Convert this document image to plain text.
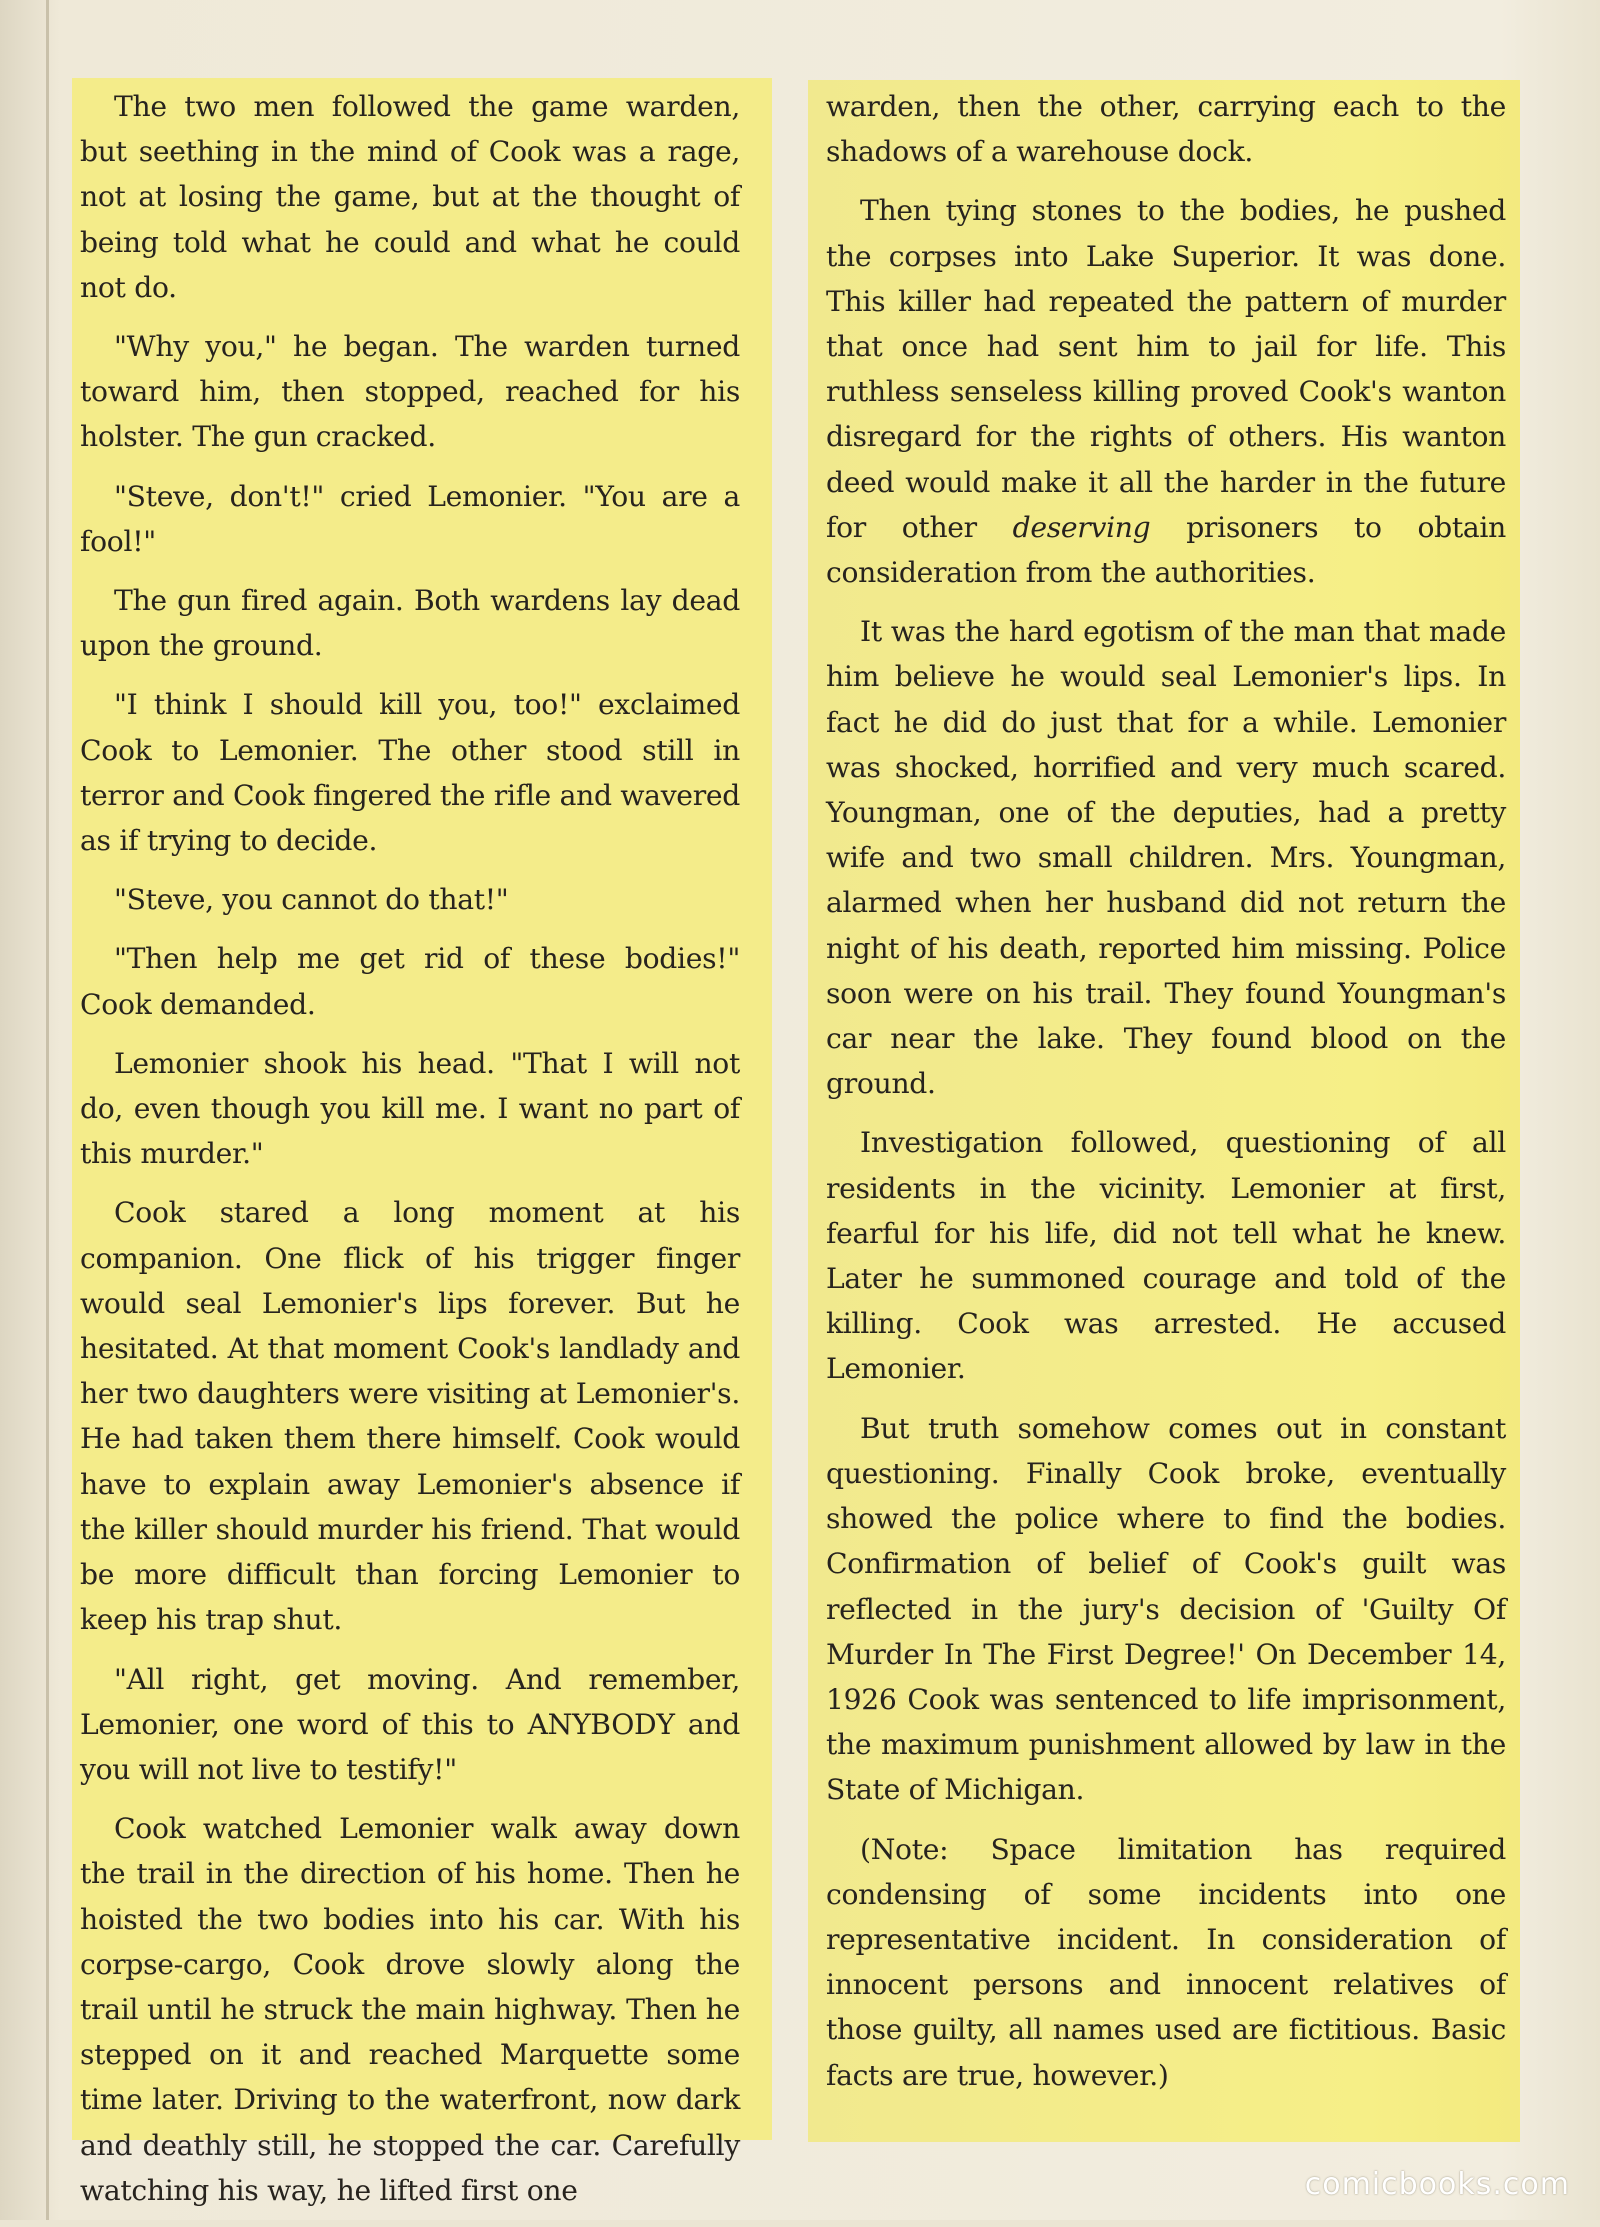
The two men followed the game warden, but seething in the mind of Cook was a rage, not at losing the game, but at the thought of being told what he could and what he could not do.

"Why you," he began. The warden turned toward him, then stopped, reached for his holster. The gun cracked.

"Steve, don't!" cried Lemonier. "You are a fool!"

The gun fired again. Both wardens lay dead upon the ground.

"I think I should kill you, too!" exclaimed Cook to Lemonier. The other stood still in terror and Cook fingered the rifle and wavered as if trying to decide.

"Steve, you cannot do that!"

"Then help me get rid of these bodies!" Cook demanded.

Lemonier shook his head. "That I will not do, even though you kill me. I want no part of this murder."

Cook stared a long moment at his companion. One flick of his trigger finger would seal Lemonier's lips forever. But he hesitated. At that moment Cook's landlady and her two daughters were visiting at Lemonier's. He had taken them there himself. Cook would have to explain away Lemonier's absence if the killer should murder his friend. That would be more difficult than forcing Lemonier to keep his trap shut.

"All right, get moving. And remember, Lemonier, one word of this to ANYBODY and you will not live to testify!"

Cook watched Lemonier walk away down the trail in the direction of his home. Then he hoisted the two bodies into his car. With his corpse-cargo, Cook drove slowly along the trail until he struck the main highway. Then he stepped on it and reached Marquette some time later. Driving to the waterfront, now dark and deathly still, he stopped the car. Carefully watching his way, he lifted first one

warden, then the other, carrying each to the shadows of a warehouse dock.

Then tying stones to the bodies, he pushed the corpses into Lake Superior. It was done. This killer had repeated the pattern of murder that once had sent him to jail for life. This ruthless senseless killing proved Cook's wanton disregard for the rights of others. His wanton deed would make it all the harder in the future for other deserving prisoners to obtain consideration from the authorities.

It was the hard egotism of the man that made him believe he would seal Lemonier's lips. In fact he did do just that for a while. Lemonier was shocked, horrified and very much scared. Youngman, one of the deputies, had a pretty wife and two small children. Mrs. Youngman, alarmed when her husband did not return the night of his death, reported him missing. Police soon were on his trail. They found Youngman's car near the lake. They found blood on the ground.

Investigation followed, questioning of all residents in the vicinity. Lemonier at first, fearful for his life, did not tell what he knew. Later he summoned courage and told of the killing. Cook was arrested. He accused Lemonier.

But truth somehow comes out in constant questioning. Finally Cook broke, eventually showed the police where to find the bodies. Confirmation of belief of Cook's guilt was reflected in the jury's decision of 'Guilty Of Murder In The First Degree!' On December 14, 1926 Cook was sentenced to life imprisonment, the maximum punishment allowed by law in the State of Michigan.

(Note: Space limitation has required condensing of some incidents into one representative incident. In consideration of innocent persons and innocent relatives of those guilty, all names used are fictitious. Basic facts are true, however.)

comicbooks.com
